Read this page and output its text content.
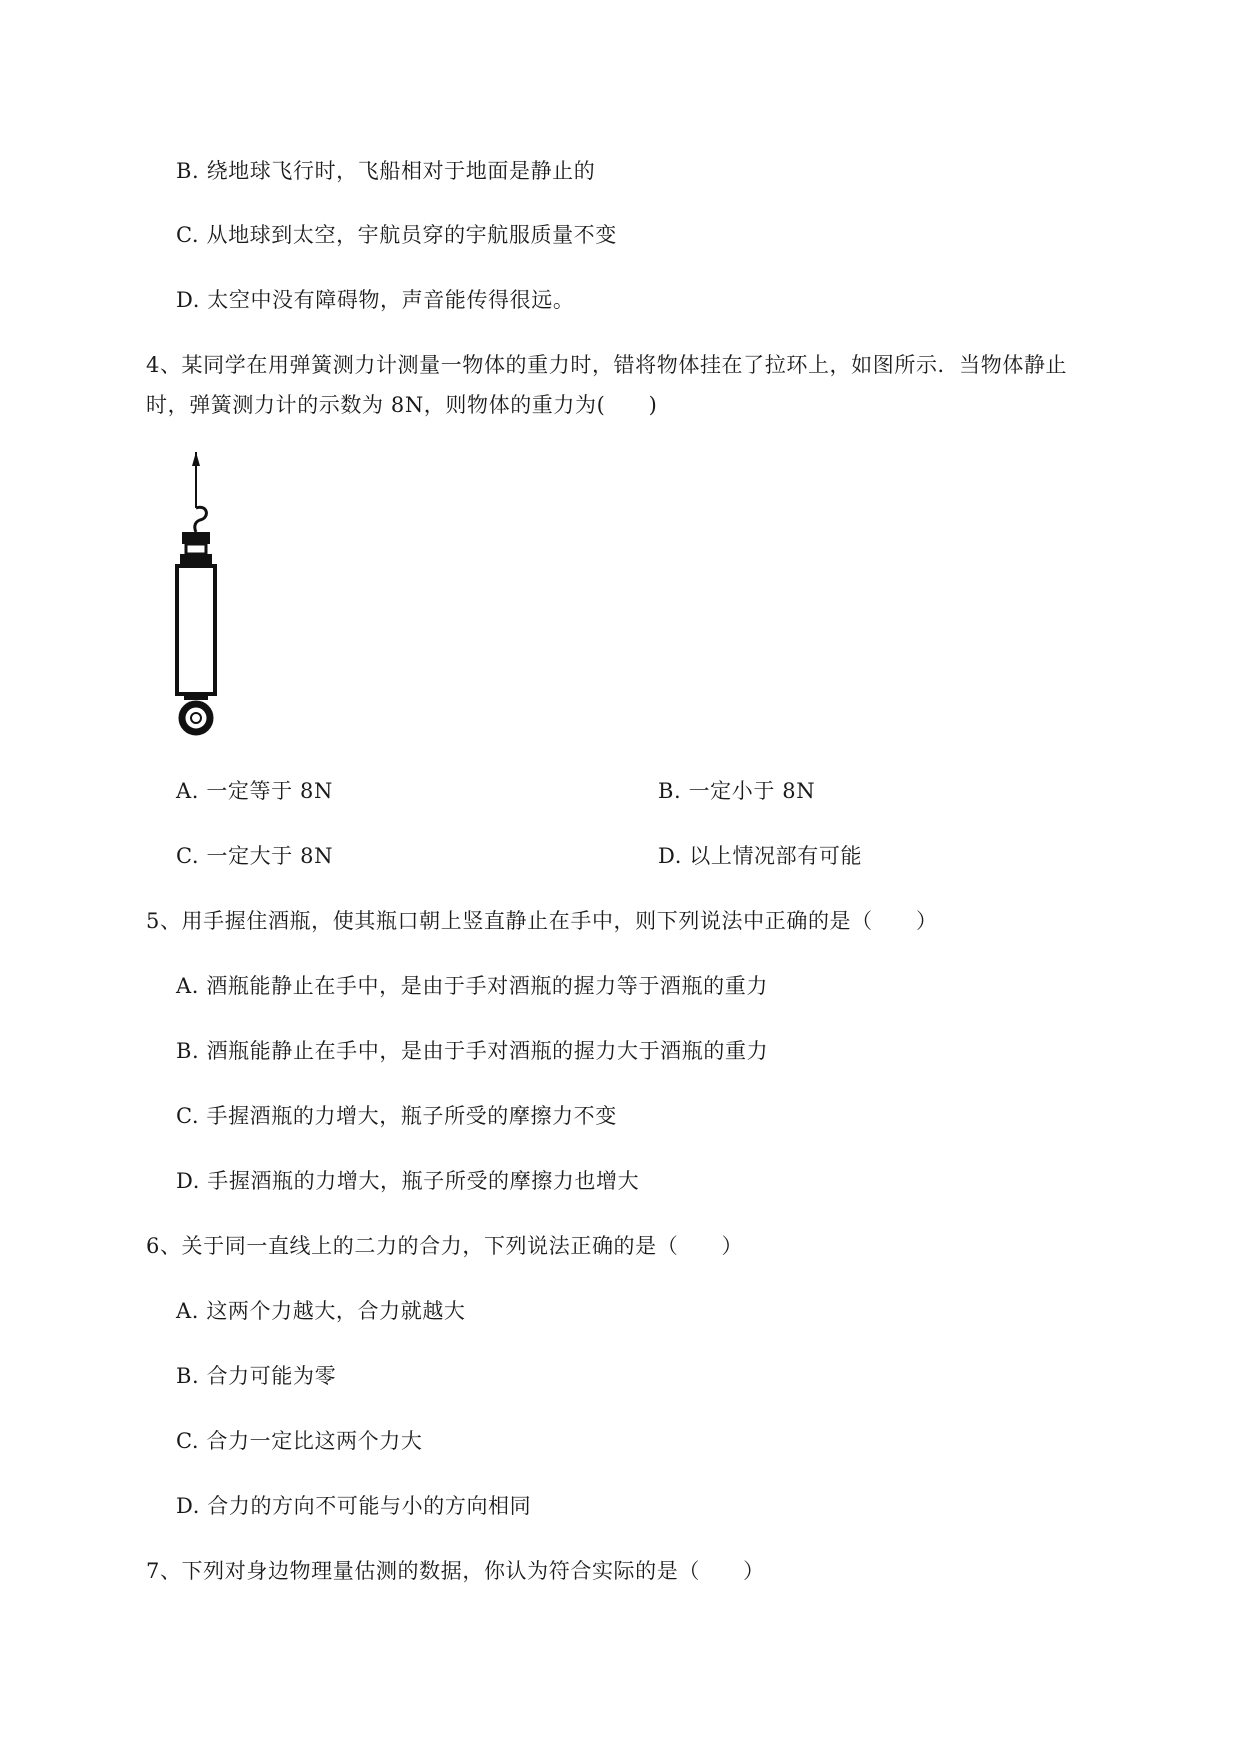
B. 绕地球飞行时，飞船相对于地面是静止的
C. 从地球到太空，宇航员穿的宇航服质量不变
D. 太空中没有障碍物，声音能传得很远。
4、某同学在用弹簧测力计测量一物体的重力时，错将物体挂在了拉环上，如图所示．当物体静止
时，弹簧测力计的示数为 8N，则物体的重力为(　　)
A. 一定等于 8N	B. 一定小于 8N
C. 一定大于 8N	D. 以上情况部有可能
5、用手握住酒瓶，使其瓶口朝上竖直静止在手中，则下列说法中正确的是（　　）
A. 酒瓶能静止在手中，是由于手对酒瓶的握力等于酒瓶的重力
B. 酒瓶能静止在手中，是由于手对酒瓶的握力大于酒瓶的重力
C. 手握酒瓶的力增大，瓶子所受的摩擦力不变
D. 手握酒瓶的力增大，瓶子所受的摩擦力也增大
6、关于同一直线上的二力的合力，下列说法正确的是（　　）
A. 这两个力越大，合力就越大
B. 合力可能为零
C. 合力一定比这两个力大
D. 合力的方向不可能与小的方向相同
7、下列对身边物理量估测的数据，你认为符合实际的是（　　）
